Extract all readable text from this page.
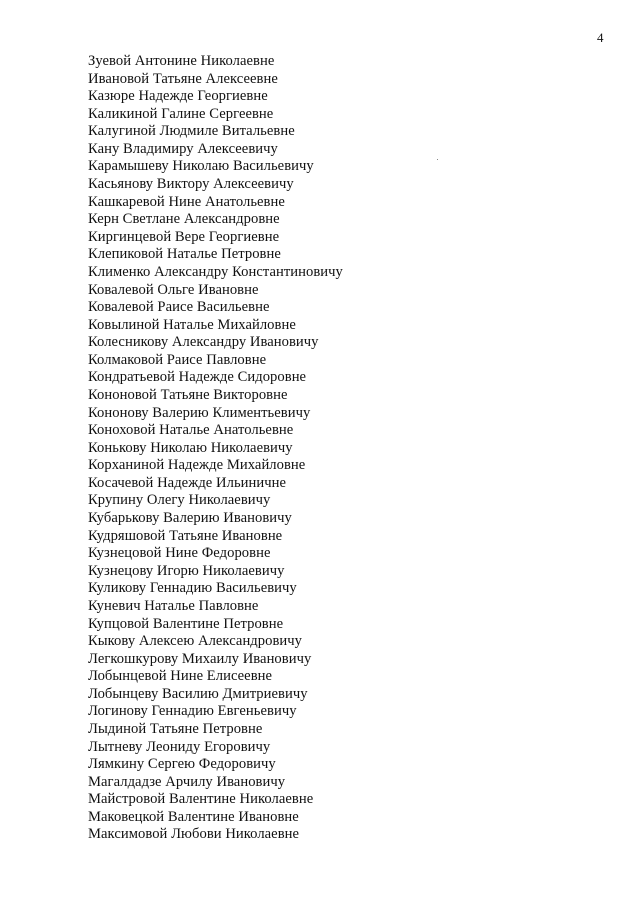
4
Зуевой Антонине Николаевне
Ивановой Татьяне Алексеевне
Казюре Надежде Георгиевне
Каликиной Галине Сергеевне
Калугиной Людмиле Витальевне
Кану Владимиру Алексеевичу
Карамышеву Николаю Васильевичу
Касьянову Виктору Алексеевичу
Кашкаревой Нине Анатольевне
Керн Светлане Александровне
Киргинцевой Вере Георгиевне
Клепиковой Наталье Петровне
Клименко Александру Константиновичу
Ковалевой Ольге Ивановне
Ковалевой Раисе Васильевне
Ковылиной Наталье Михайловне
Колесникову Александру Ивановичу
Колмаковой Раисе Павловне
Кондратьевой Надежде Сидоровне
Кононовой Татьяне Викторовне
Кононову Валерию Климентьевичу
Коноховой Наталье Анатольевне
Конькову Николаю Николаевичу
Корханиной Надежде Михайловне
Косачевой Надежде Ильиничне
Крупину Олегу Николаевичу
Кубарькову Валерию Ивановичу
Кудряшовой Татьяне Ивановне
Кузнецовой Нине Федоровне
Кузнецову Игорю Николаевичу
Куликову Геннадию Васильевичу
Куневич Наталье Павловне
Купцовой Валентине Петровне
Кыкову Алексею Александровичу
Легкошкурову Михаилу Ивановичу
Лобынцевой Нине Елисеевне
Лобынцеву Василию Дмитриевичу
Логинову Геннадию Евгеньевичу
Лыдиной Татьяне Петровне
Лытневу Леониду Егоровичу
Лямкину Сергею Федоровичу
Магалдадзе Арчилу Ивановичу
Майстровой Валентине Николаевне
Маковецкой Валентине Ивановне
Максимовой Любови Николаевне
